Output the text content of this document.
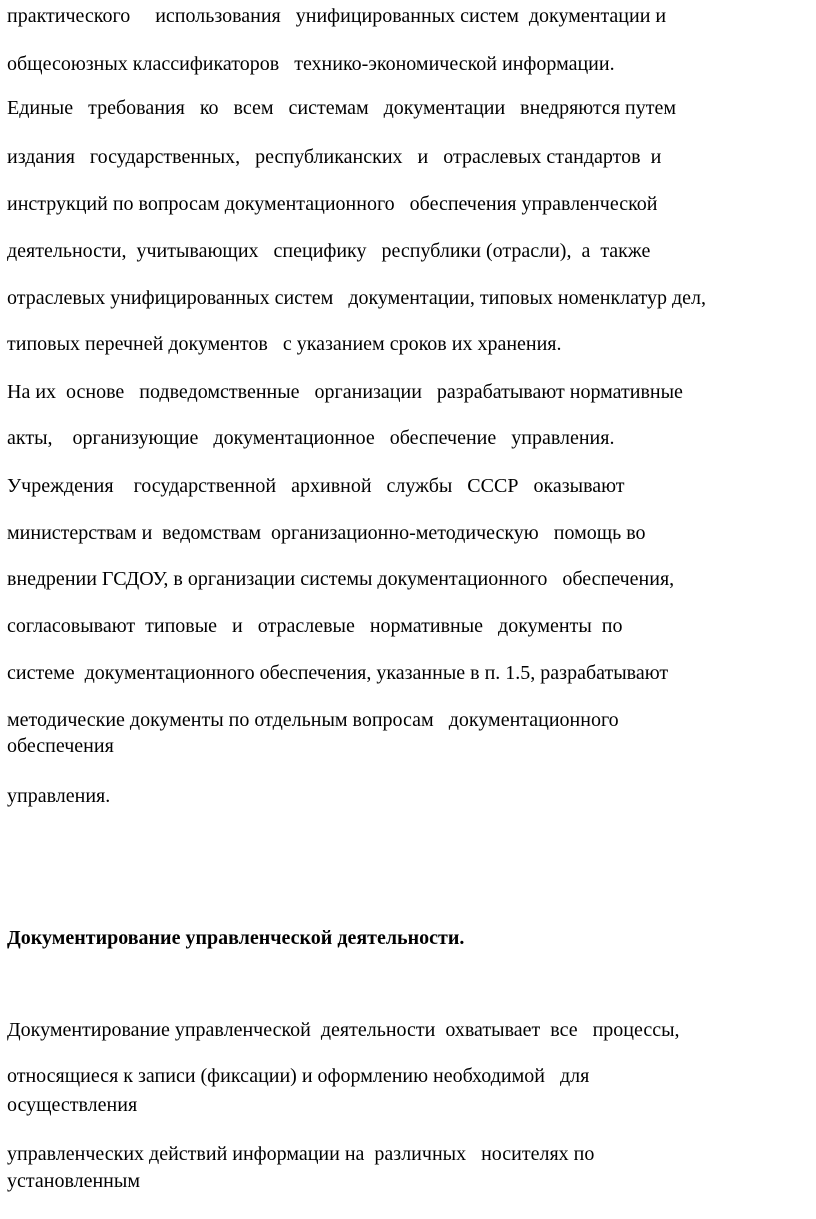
практического     использования   унифицированных систем  документации и
общесоюзных классификаторов   технико-экономической информации.
Единые   требования   ко   всем   системам   документации   внедряются путем
издания   государственных,   республиканских   и   отраслевых стандартов  и
инструкций по вопросам документационного   обеспечения управленческой
деятельности,  учитывающих   специфику   республики (отрасли),  а  также
отраслевых унифицированных систем   документации, типовых номенклатур дел,
типовых перечней документов   с указанием сроков их хранения.
На их  основе   подведомственные   организации   разрабатывают нормативные
акты,    организующие   документационное   обеспечение   управления.
Учреждения    государственной   архивной   службы   СССР   оказывают
министерствам и  ведомствам  организационно-методическую   помощь во
внедрении ГСДОУ, в организации системы документационного   обеспечения,
согласовывают  типовые   и   отраслевые   нормативные   документы  по
системе  документационного обеспечения, указанные в п. 1.5, разрабатывают
методические документы по отдельным вопросам   документационного
обеспечения
управления.
Документирование управленческой деятельности.
Документирование управленческой  деятельности  охватывает  все   процессы,
относящиеся к записи (фиксации) и оформлению необходимой   для
осуществления
управленческих действий информации на  различных   носителях по
установленным
